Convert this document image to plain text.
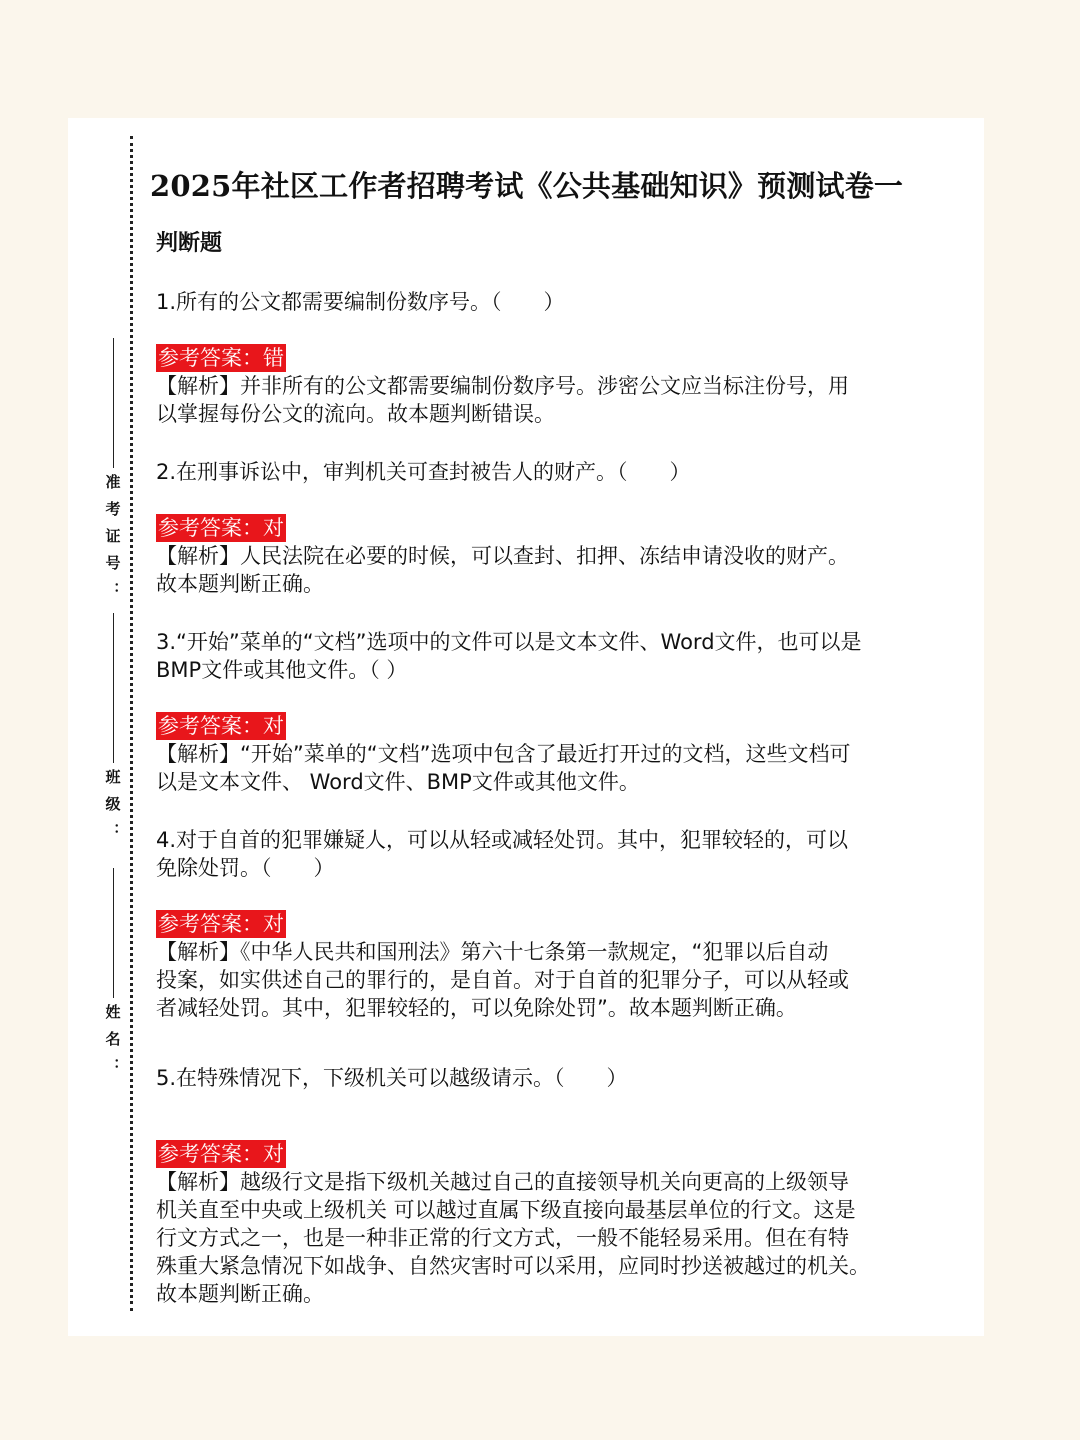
准考证号：
班级：
姓名：
2025年社区工作者招聘考试《公共基础知识》预测试卷一
判断题

1.所有的公文都需要编制份数序号。（　　）

参考答案：错

【解析】并非所有的公文都需要编制份数序号。涉密公文应当标注份号，用
以掌握每份公文的流向。故本题判断错误。

2.在刑事诉讼中，审判机关可查封被告人的财产。（　　）

参考答案：对

【解析】人民法院在必要的时候，可以查封、扣押、冻结申请没收的财产。
故本题判断正确。

3.“开始”菜单的“文档”选项中的文件可以是文本文件、Word文件，也可以是
BMP文件或其他文件。（ ）

参考答案：对

【解析】“开始”菜单的“文档”选项中包含了最近打开过的文档，这些文档可
以是文本文件、 Word文件、BMP文件或其他文件。

4.对于自首的犯罪嫌疑人，可以从轻或减轻处罚。其中，犯罪较轻的，可以
免除处罚。（　　）

参考答案：对

【解析】《中华人民共和国刑法》第六十七条第一款规定，“犯罪以后自动
投案，如实供述自己的罪行的，是自首。对于自首的犯罪分子，可以从轻或
者减轻处罚。其中，犯罪较轻的，可以免除处罚”。故本题判断正确。

5.在特殊情况下，下级机关可以越级请示。（　　）

参考答案：对

【解析】越级行文是指下级机关越过自己的直接领导机关向更高的上级领导
机关直至中央或上级机关 可以越过直属下级直接向最基层单位的行文。这是
行文方式之一，也是一种非正常的行文方式，一般不能轻易采用。但在有特
殊重大紧急情况下如战争、自然灾害时可以采用，应同时抄送被越过的机关。
故本题判断正确。
